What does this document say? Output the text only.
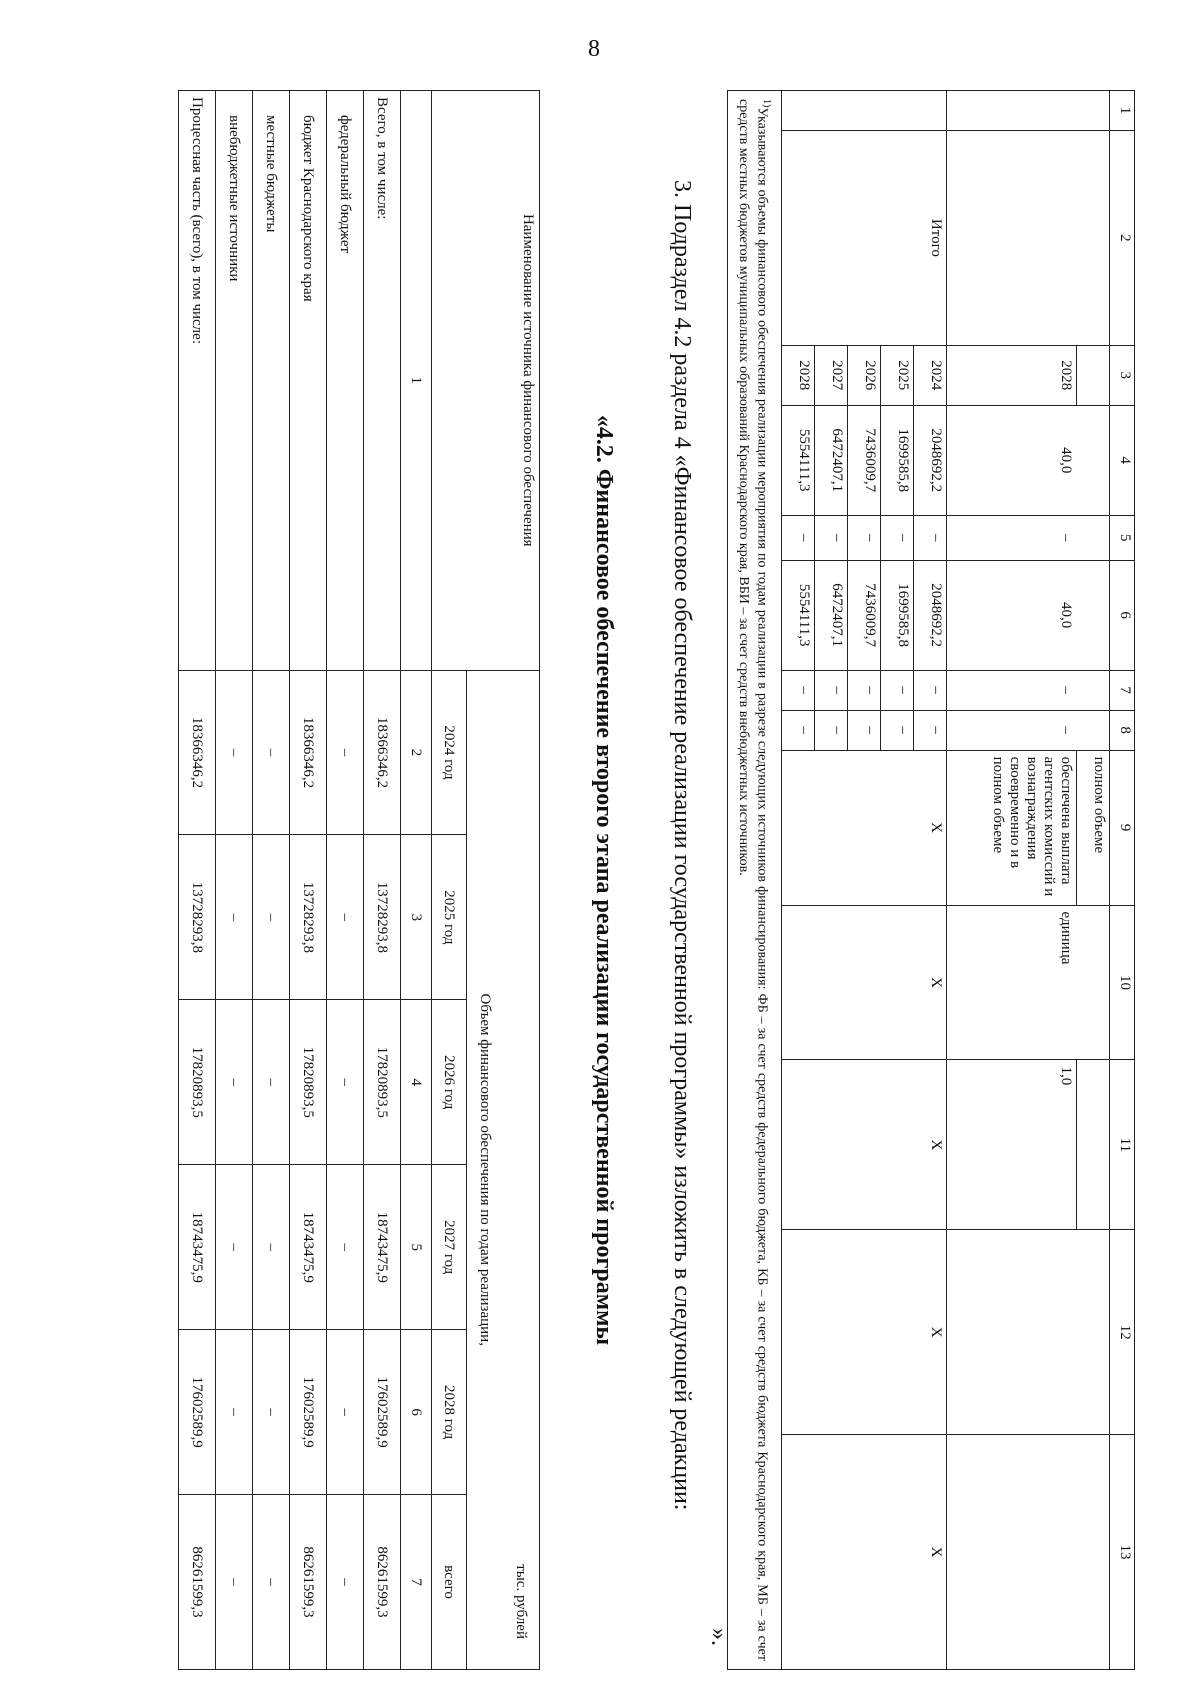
8
1	2	3	4	5	6	7	8	9	10	11	12	13
								полном объеме				
		2028	40,0	–	40,0	–	–	обеспечена выплата агентских комиссий и вознаграждения своевременно и в полном объеме	единица	1,0		
	Итого	2024	2048692,2	–	2048692,2	–	–	X	X	X	X	X
		2025	1699585,8	–	1699585,8	–	–					
		2026	7436009,7	–	7436009,7	–	–					
		2027	6472407,1	–	6472407,1	–	–					
		2028	5554111,3	–	5554111,3	–	–					
$^{1)}$Указываются объемы финансового обеспечения реализации мероприятия по годам реализации в разрезе следующих источников финансирования: ФБ – за счет средств федерального бюджета, КБ – за счет средств бюджета Краснодарского края, МБ – за счет средств местных бюджетов муниципальных образований Краснодарского края, ВБИ – за счет средств внебюджетных источников.												
».
3. Подраздел 4.2 раздела 4 «Финансовое обеспечение реализации государственной программы» изложить в следующей редакции:
«4.2. Финансовое обеспечение второго этапа реализации государственной программы
Наименование источника финансового обеспечения	тыс. рублей					
	Объем финансового обеспечения по годам реализации,					
	2024 год	2025 год	2026 год	2027 год	2028 год	всего
1	2	3	4	5	6	7
Всего, в том числе:	18366346,2	13728293,8	17820893,5	18743475,9	17602589,9	86261599,3
федеральный бюджет	–	–	–	–	–	–
бюджет Краснодарского края	18366346,2	13728293,8	17820893,5	18743475,9	17602589,9	86261599,3
местные бюджеты	–	–	–	–	–	–
внебюджетные источники	–	–	–	–	–	–
Процессная часть (всего), в том числе:	18366346,2	13728293,8	17820893,5	18743475,9	17602589,9	86261599,3
